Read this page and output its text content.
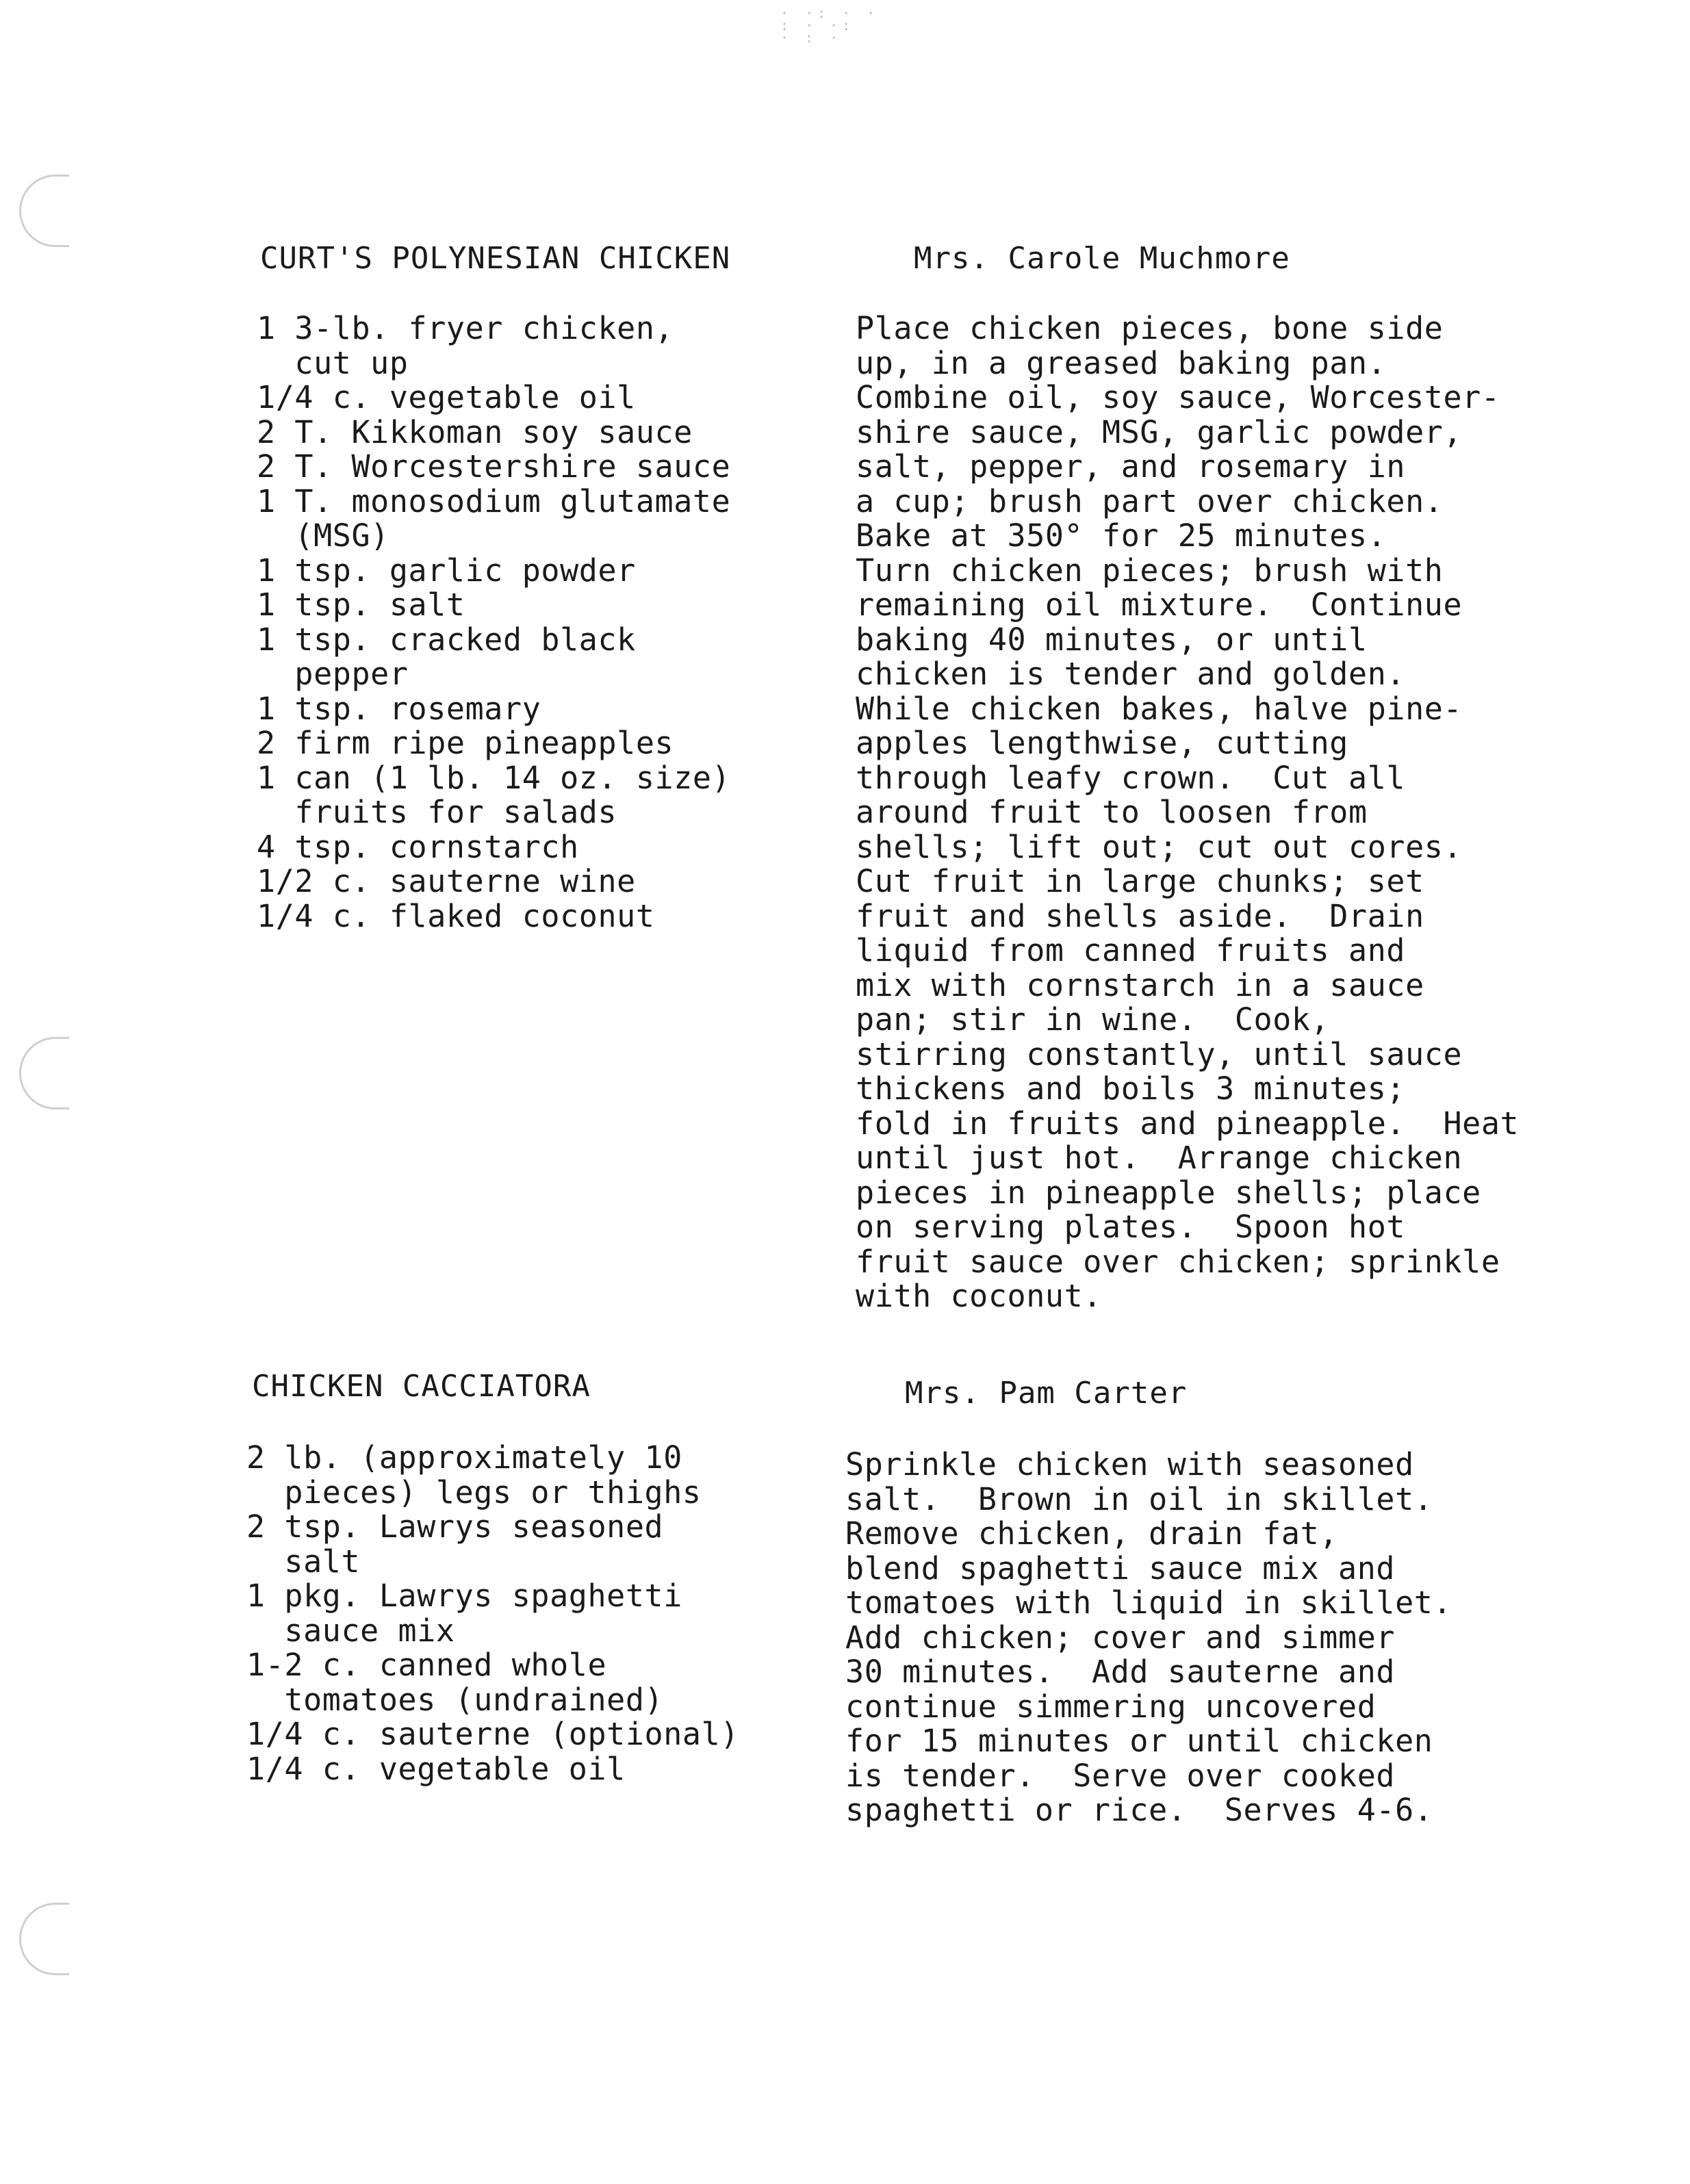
· ·: · ·
: · ·:
· : ·
CURT'S POLYNESIAN CHICKEN	Mrs. Carole Muchmore
1 3-lb. fryer chicken,
cut up
1/4 c. vegetable oil
2 T. Kikkoman soy sauce
2 T. Worcestershire sauce
1 T. monosodium glutamate
(MSG)
1 tsp. garlic powder
1 tsp. salt
1 tsp. cracked black
pepper
1 tsp. rosemary
2 firm ripe pineapples
1 can (1 lb. 14 oz. size)
fruits for salads
4 tsp. cornstarch
1/2 c. sauterne wine
1/4 c. flaked coconut
Place chicken pieces, bone side
up, in a greased baking pan.
Combine oil, soy sauce, Worcester-
shire sauce, MSG, garlic powder,
salt, pepper, and rosemary in
a cup; brush part over chicken.
Bake at 350° for 25 minutes.
Turn chicken pieces; brush with
remaining oil mixture.  Continue
baking 40 minutes, or until
chicken is tender and golden.
While chicken bakes, halve pine-
apples lengthwise, cutting
through leafy crown.  Cut all
around fruit to loosen from
shells; lift out; cut out cores.
Cut fruit in large chunks; set
fruit and shells aside.  Drain
liquid from canned fruits and
mix with cornstarch in a sauce
pan; stir in wine.  Cook,
stirring constantly, until sauce
thickens and boils 3 minutes;
fold in fruits and pineapple.  Heat
until just hot.  Arrange chicken
pieces in pineapple shells; place
on serving plates.  Spoon hot
fruit sauce over chicken; sprinkle
with coconut.
CHICKEN CACCIATORA	Mrs. Pam Carter
2 lb. (approximately 10
pieces) legs or thighs
2 tsp. Lawrys seasoned
salt
1 pkg. Lawrys spaghetti
sauce mix
1-2 c. canned whole
tomatoes (undrained)
1/4 c. sauterne (optional)
1/4 c. vegetable oil
Sprinkle chicken with seasoned
salt.  Brown in oil in skillet.
Remove chicken, drain fat,
blend spaghetti sauce mix and
tomatoes with liquid in skillet.
Add chicken; cover and simmer
30 minutes.  Add sauterne and
continue simmering uncovered
for 15 minutes or until chicken
is tender.  Serve over cooked
spaghetti or rice.  Serves 4-6.
